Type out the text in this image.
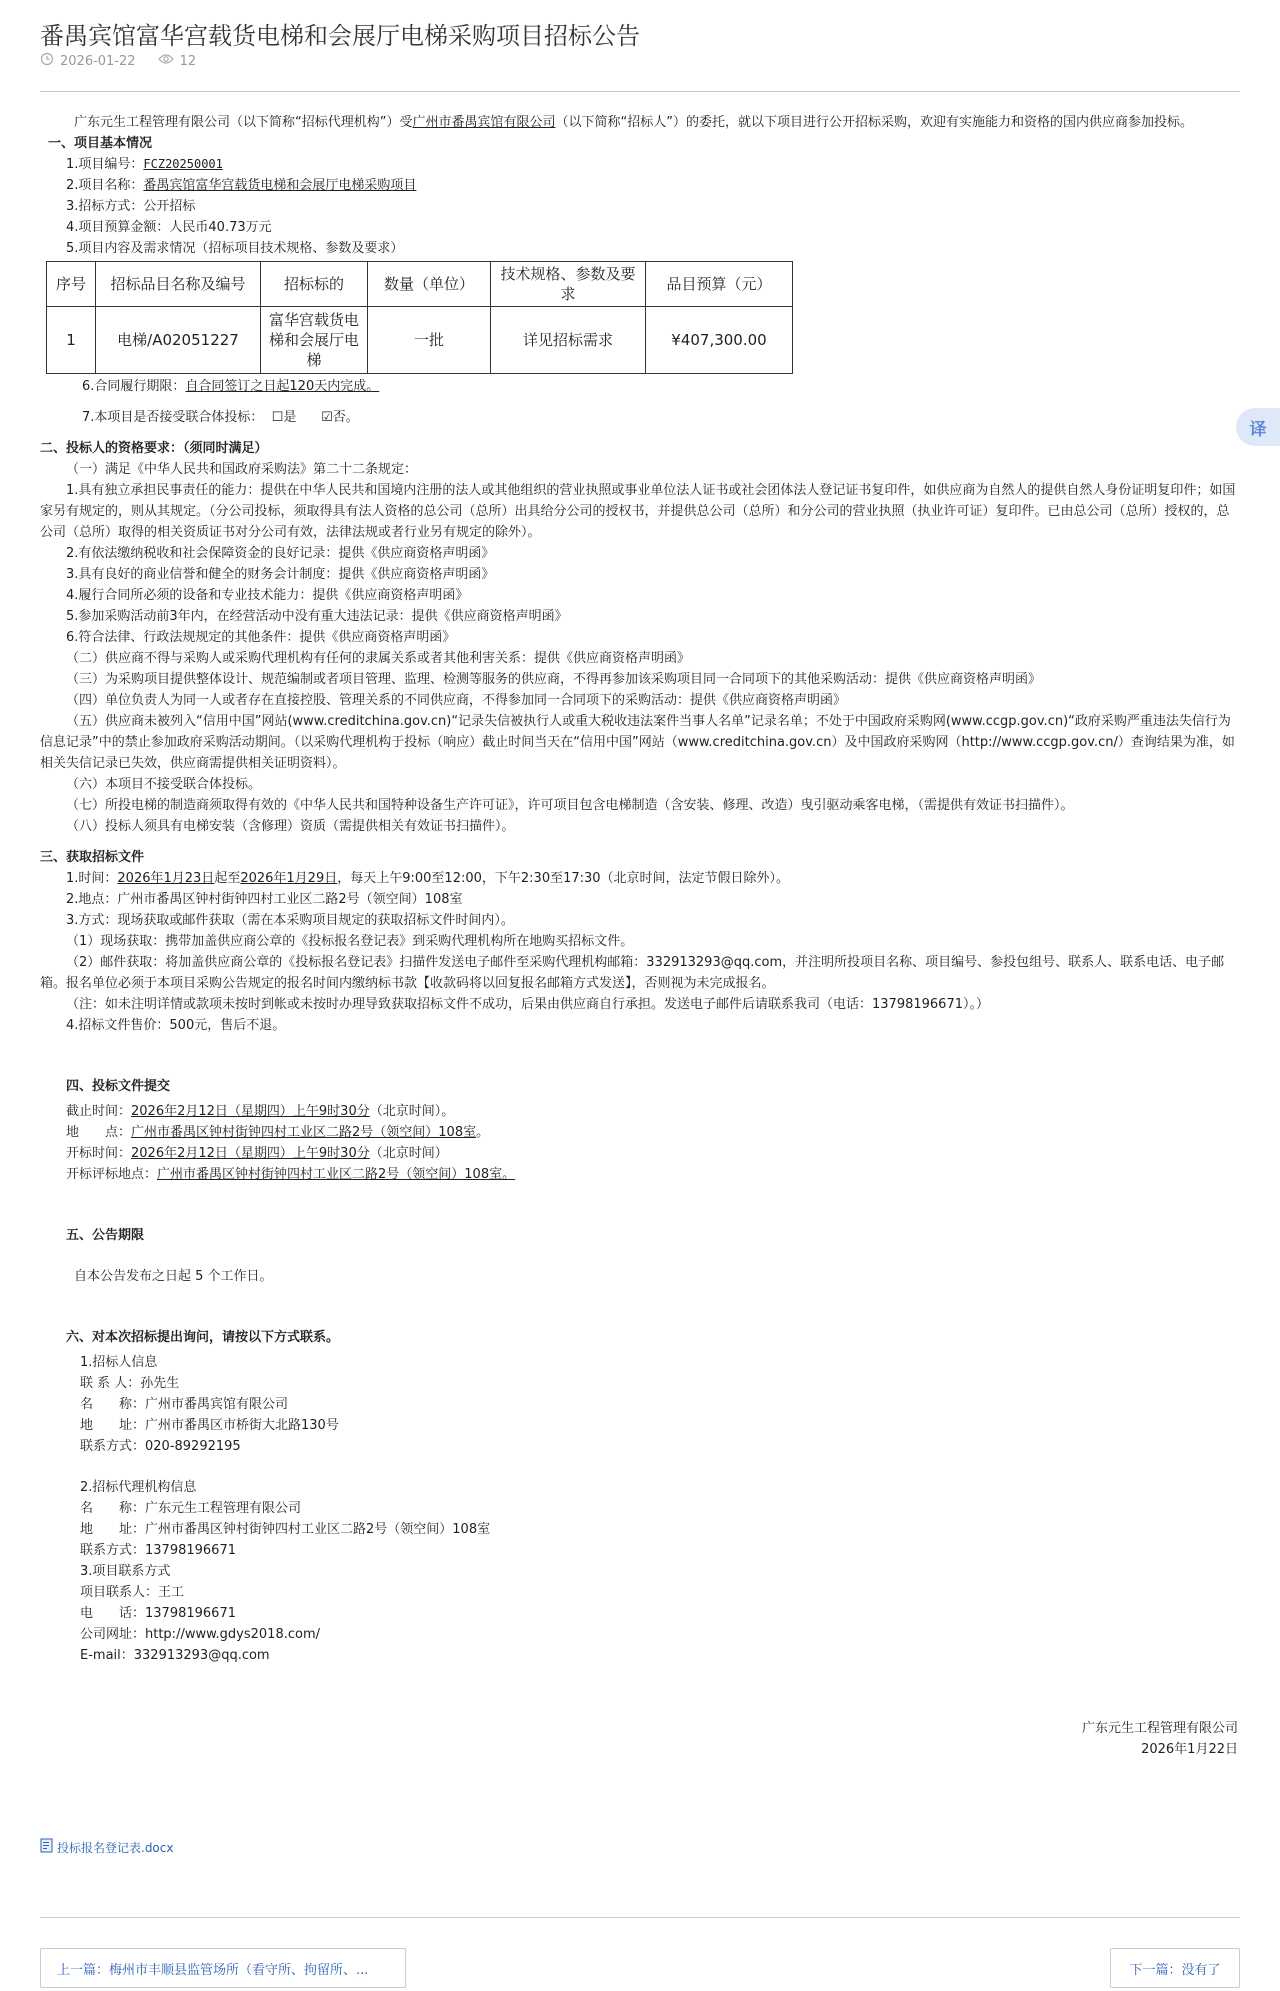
番禺宾馆富华宫载货电梯和会展厅电梯采购项目招标公告
2026-01-22	12

广东元生工程管理有限公司（以下简称“招标代理机构”）受广州市番禺宾馆有限公司（以下简称“招标人”）的委托，就以下项目进行公开招标采购，欢迎有实施能力和资格的国内供应商参加投标。

一、项目基本情况

1.项目编号：FCZ20250001

2.项目名称：番禺宾馆富华宫载货电梯和会展厅电梯采购项目

3.招标方式：公开招标

4.项目预算金额：人民币40.73万元

5.项目内容及需求情况（招标项目技术规格、参数及要求）

序号	招标品目名称及编号	招标标的	数量（单位）	技术规格、参数及要求	品目预算（元）
1	电梯/A02051227	富华宫载货电梯和会展厅电梯	一批	详见招标需求	¥407,300.00

6.合同履行期限：自合同签订之日起120天内完成。

7.本项目是否接受联合体投标： ☐是 ☑否。

二、投标人的资格要求：（须同时满足）

（一）满足《中华人民共和国政府采购法》第二十二条规定：

1.具有独立承担民事责任的能力：提供在中华人民共和国境内注册的法人或其他组织的营业执照或事业单位法人证书或社会团体法人登记证书复印件，如供应商为自然人的提供自然人身份证明复印件；如国家另有规定的，则从其规定。（分公司投标，须取得具有法人资格的总公司（总所）出具给分公司的授权书，并提供总公司（总所）和分公司的营业执照（执业许可证）复印件。已由总公司（总所）授权的，总公司（总所）取得的相关资质证书对分公司有效，法律法规或者行业另有规定的除外）。

2.有依法缴纳税收和社会保障资金的良好记录：提供《供应商资格声明函》

3.具有良好的商业信誉和健全的财务会计制度：提供《供应商资格声明函》

4.履行合同所必须的设备和专业技术能力：提供《供应商资格声明函》

5.参加采购活动前3年内，在经营活动中没有重大违法记录：提供《供应商资格声明函》

6.符合法律、行政法规规定的其他条件：提供《供应商资格声明函》

（二）供应商不得与采购人或采购代理机构有任何的隶属关系或者其他利害关系：提供《供应商资格声明函》

（三）为采购项目提供整体设计、规范编制或者项目管理、监理、检测等服务的供应商，不得再参加该采购项目同一合同项下的其他采购活动：提供《供应商资格声明函》

（四）单位负责人为同一人或者存在直接控股、管理关系的不同供应商，不得参加同一合同项下的采购活动：提供《供应商资格声明函》

（五）供应商未被列入“信用中国”网站(www.creditchina.gov.cn)“记录失信被执行人或重大税收违法案件当事人名单”记录名单；不处于中国政府采购网(www.ccgp.gov.cn)“政府采购严重违法失信行为信息记录”中的禁止参加政府采购活动期间。（以采购代理机构于投标（响应）截止时间当天在“信用中国”网站（www.creditchina.gov.cn）及中国政府采购网（http://www.ccgp.gov.cn/）查询结果为准，如相关失信记录已失效，供应商需提供相关证明资料）。

（六）本项目不接受联合体投标。

（七）所投电梯的制造商须取得有效的《中华人民共和国特种设备生产许可证》，许可项目包含电梯制造（含安装、修理、改造）曳引驱动乘客电梯，（需提供有效证书扫描件）。

（八）投标人须具有电梯安装（含修理）资质（需提供相关有效证书扫描件）。

三、获取招标文件

1.时间：2026年1月23日起至2026年1月29日，每天上午9:00至12:00，下午2:30至17:30（北京时间，法定节假日除外）。

2.地点：广州市番禺区钟村街钟四村工业区二路2号（领空间）108室

3.方式：现场获取或邮件获取（需在本采购项目规定的获取招标文件时间内）。

（1）现场获取：携带加盖供应商公章的《投标报名登记表》到采购代理机构所在地购买招标文件。

（2）邮件获取：将加盖供应商公章的《投标报名登记表》扫描件发送电子邮件至采购代理机构邮箱：332913293@qq.com，并注明所投项目名称、项目编号、参投包组号、联系人、联系电话、电子邮箱。报名单位必须于本项目采购公告规定的报名时间内缴纳标书款【收款码将以回复报名邮箱方式发送】，否则视为未完成报名。

（注：如未注明详情或款项未按时到帐或未按时办理导致获取招标文件不成功，后果由供应商自行承担。发送电子邮件后请联系我司（电话：13798196671）。）

4.招标文件售价：500元，售后不退。

四、投标文件提交

截止时间：2026年2月12日（星期四）上午9时30分（北京时间）。

地　　点：广州市番禺区钟村街钟四村工业区二路2号（领空间）108室。

开标时间：2026年2月12日（星期四）上午9时30分（北京时间）

开标评标地点：广州市番禺区钟村街钟四村工业区二路2号（领空间）108室。

五、公告期限

自本公告发布之日起 5 个工作日。

六、对本次招标提出询问，请按以下方式联系。

1.招标人信息

联 系 人：孙先生

名　　称：广州市番禺宾馆有限公司

地　　址：广州市番禺区市桥街大北路130号

联系方式：020-89292195

2.招标代理机构信息

名　　称：广东元生工程管理有限公司

地　　址：广州市番禺区钟村街钟四村工业区二路2号（领空间）108室

联系方式：13798196671

3.项目联系方式

项目联系人：王工

电　　话：13798196671

公司网址：http://www.gdys2018.com/

E-mail：332913293@qq.com

广东元生工程管理有限公司

2026年1月22日

投标报名登记表.docx
上一篇：梅州市丰顺县监管场所（看守所、拘留所、...	下一篇：没有了
译
